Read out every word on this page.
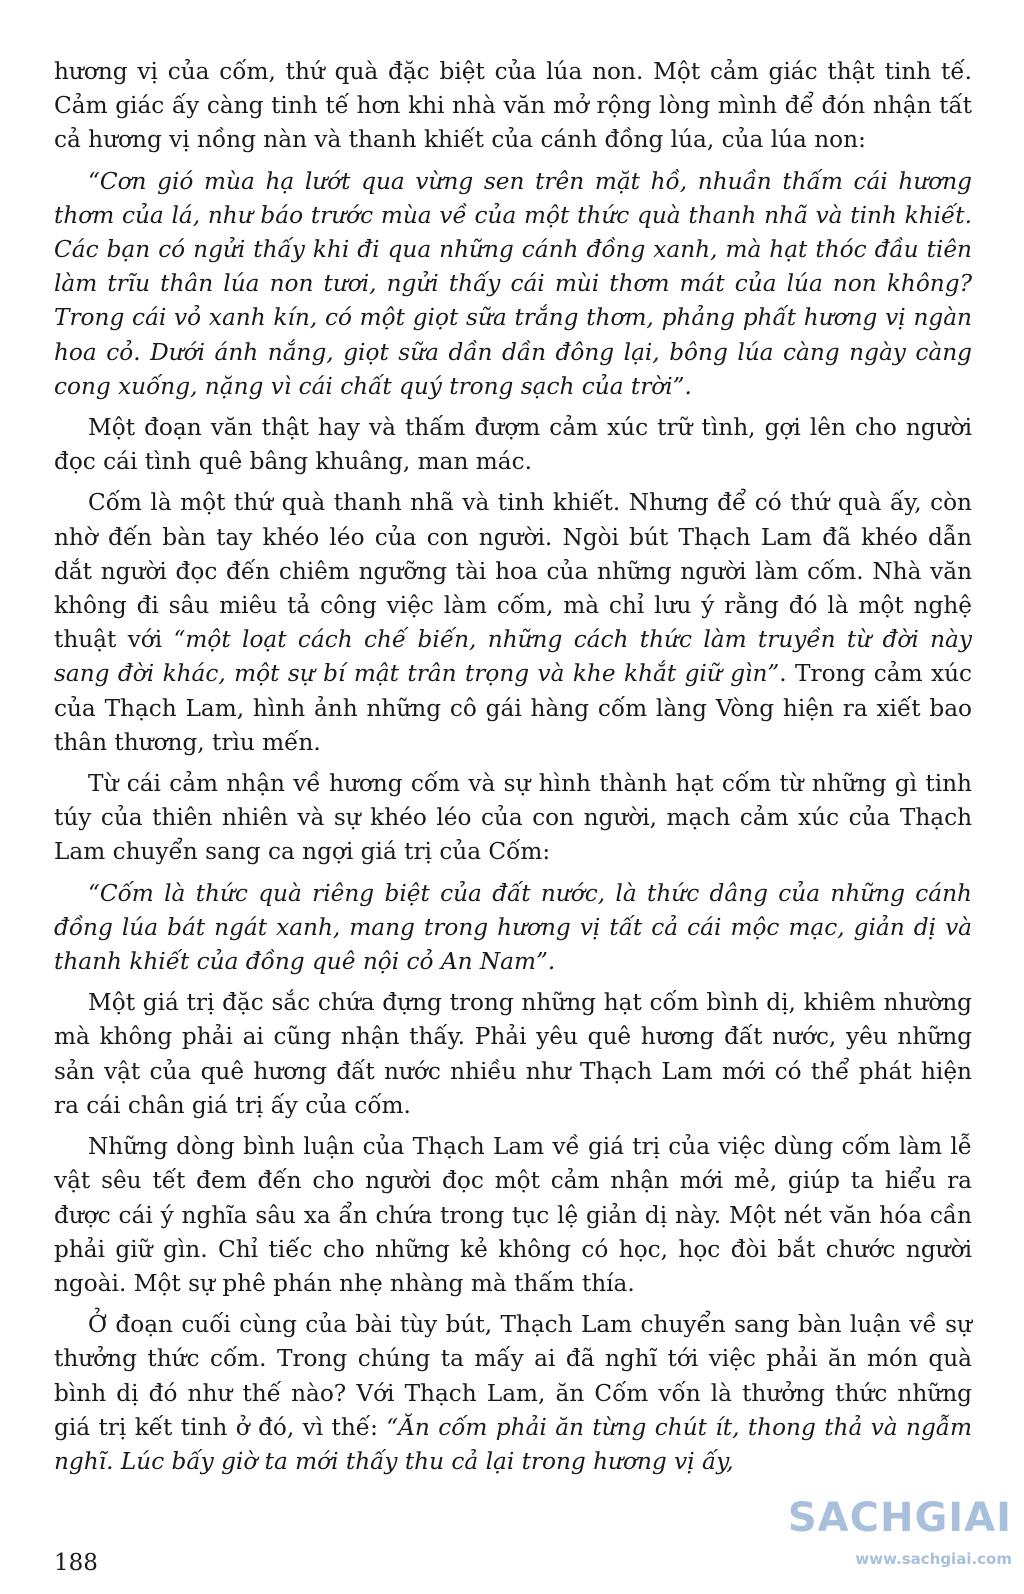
hương vị của cốm, thứ quà đặc biệt của lúa non. Một cảm giác thật tinh tế. Cảm giác ấy càng tinh tế hơn khi nhà văn mở rộng lòng mình để đón nhận tất cả hương vị nồng nàn và thanh khiết của cánh đồng lúa, của lúa non:

“Cơn gió mùa hạ lướt qua vừng sen trên mặt hồ, nhuần thấm cái hương thơm của lá, như báo trước mùa về của một thức quà thanh nhã và tinh khiết. Các bạn có ngửi thấy khi đi qua những cánh đồng xanh, mà hạt thóc đầu tiên làm trĩu thân lúa non tươi, ngửi thấy cái mùi thơm mát của lúa non không? Trong cái vỏ xanh kín, có một giọt sữa trắng thơm, phảng phất hương vị ngàn hoa cỏ. Dưới ánh nắng, giọt sữa dần dần đông lại, bông lúa càng ngày càng cong xuống, nặng vì cái chất quý trong sạch của trời”.

Một đoạn văn thật hay và thấm đượm cảm xúc trữ tình, gợi lên cho người đọc cái tình quê bâng khuâng, man mác.

Cốm là một thứ quà thanh nhã và tinh khiết. Nhưng để có thứ quà ấy, còn nhờ đến bàn tay khéo léo của con người. Ngòi bút Thạch Lam đã khéo dẫn dắt người đọc đến chiêm ngưỡng tài hoa của những người làm cốm. Nhà văn không đi sâu miêu tả công việc làm cốm, mà chỉ lưu ý rằng đó là một nghệ thuật với “một loạt cách chế biến, những cách thức làm truyền từ đời này sang đời khác, một sự bí mật trân trọng và khe khắt giữ gìn”. Trong cảm xúc của Thạch Lam, hình ảnh những cô gái hàng cốm làng Vòng hiện ra xiết bao thân thương, trìu mến.

Từ cái cảm nhận về hương cốm và sự hình thành hạt cốm từ những gì tinh túy của thiên nhiên và sự khéo léo của con người, mạch cảm xúc của Thạch Lam chuyển sang ca ngợi giá trị của Cốm:

“Cốm là thức quà riêng biệt của đất nước, là thức dâng của những cánh đồng lúa bát ngát xanh, mang trong hương vị tất cả cái mộc mạc, giản dị và thanh khiết của đồng quê nội cỏ An Nam”.

Một giá trị đặc sắc chứa đựng trong những hạt cốm bình dị, khiêm nhường mà không phải ai cũng nhận thấy. Phải yêu quê hương đất nước, yêu những sản vật của quê hương đất nước nhiều như Thạch Lam mới có thể phát hiện ra cái chân giá trị ấy của cốm.

Những dòng bình luận của Thạch Lam về giá trị của việc dùng cốm làm lễ vật sêu tết đem đến cho người đọc một cảm nhận mới mẻ, giúp ta hiểu ra được cái ý nghĩa sâu xa ẩn chứa trong tục lệ giản dị này. Một nét văn hóa cần phải giữ gìn. Chỉ tiếc cho những kẻ không có học, học đòi bắt chước người ngoài. Một sự phê phán nhẹ nhàng mà thấm thía.

Ở đoạn cuối cùng của bài tùy bút, Thạch Lam chuyển sang bàn luận về sự thưởng thức cốm. Trong chúng ta mấy ai đã nghĩ tới việc phải ăn món quà bình dị đó như thế nào? Với Thạch Lam, ăn Cốm vốn là thưởng thức những giá trị kết tinh ở đó, vì thế: “Ăn cốm phải ăn từng chút ít, thong thả và ngẫm nghĩ. Lúc bấy giờ ta mới thấy thu cả lại trong hương vị ấy,

188
SACHGIAI
www.sachgiai.com
